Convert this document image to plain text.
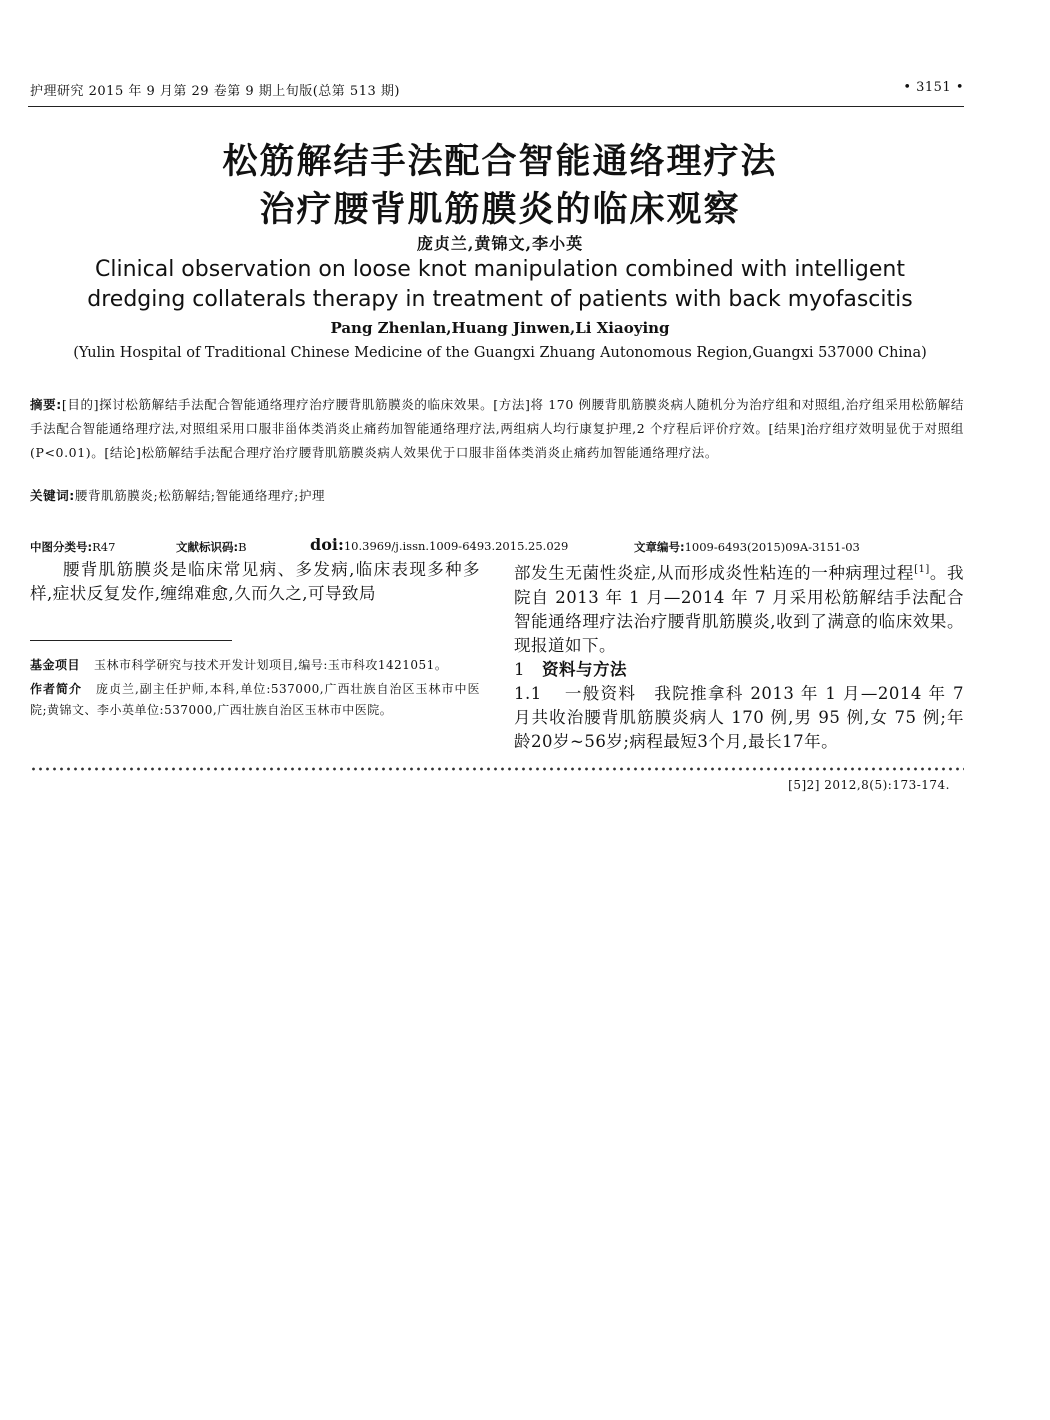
护理研究 2015 年 9 月第 29 卷第 9 期上旬版(总第 513 期)	• 3151 •
松筋解结手法配合智能通络理疗法
治疗腰背肌筋膜炎的临床观察
庞贞兰,黄锦文,李小英
Clinical observation on loose knot manipulation combined with intelligent
dredging collaterals therapy in treatment of patients with back myofascitis
Pang Zhenlan,Huang Jinwen,Li Xiaoying
(Yulin Hospital of Traditional Chinese Medicine of the Guangxi Zhuang Autonomous Region,Guangxi 537000 China)
摘要:[目的]探讨松筋解结手法配合智能通络理疗治疗腰背肌筋膜炎的临床效果。[方法]将 170 例腰背肌筋膜炎病人随机分为治疗组和对照组,治疗组采用松筋解结手法配合智能通络理疗法,对照组采用口服非甾体类消炎止痛药加智能通络理疗法,两组病人均行康复护理,2 个疗程后评价疗效。[结果]治疗组疗效明显优于对照组(P<0.01)。[结论]松筋解结手法配合理疗治疗腰背肌筋膜炎病人效果优于口服非甾体类消炎止痛药加智能通络理疗法。
关键词:腰背肌筋膜炎;松筋解结;智能通络理疗;护理
中图分类号:R47	文献标识码:B	doi:10.3969/j.issn.1009-6493.2015.25.029	文章编号:1009-6493(2015)09A-3151-03

腰背肌筋膜炎是临床常见病、多发病,临床表现多种多样,症状反复发作,缠绵难愈,久而久之,可导致局

基金项目 玉林市科学研究与技术开发计划项目,编号:玉市科攻1421051。

作者简介 庞贞兰,副主任护师,本科,单位:537000,广西壮族自治区玉林市中医院;黄锦文、李小英单位:537000,广西壮族自治区玉林市中医院。

部发生无菌性炎症,从而形成炎性粘连的一种病理过程[1]。我院自 2013 年 1 月—2014 年 7 月采用松筋解结手法配合智能通络理疗法治疗腰背肌筋膜炎,收到了满意的临床效果。现报道如下。

1 资料与方法

1.1 一般资料 我院推拿科 2013 年 1 月—2014 年 7 月共收治腰背肌筋膜炎病人 170 例,男 95 例,女 75 例;年龄20岁~56岁;病程最短3个月,最长17年。

[5]2] 2012,8(5):173-174.
